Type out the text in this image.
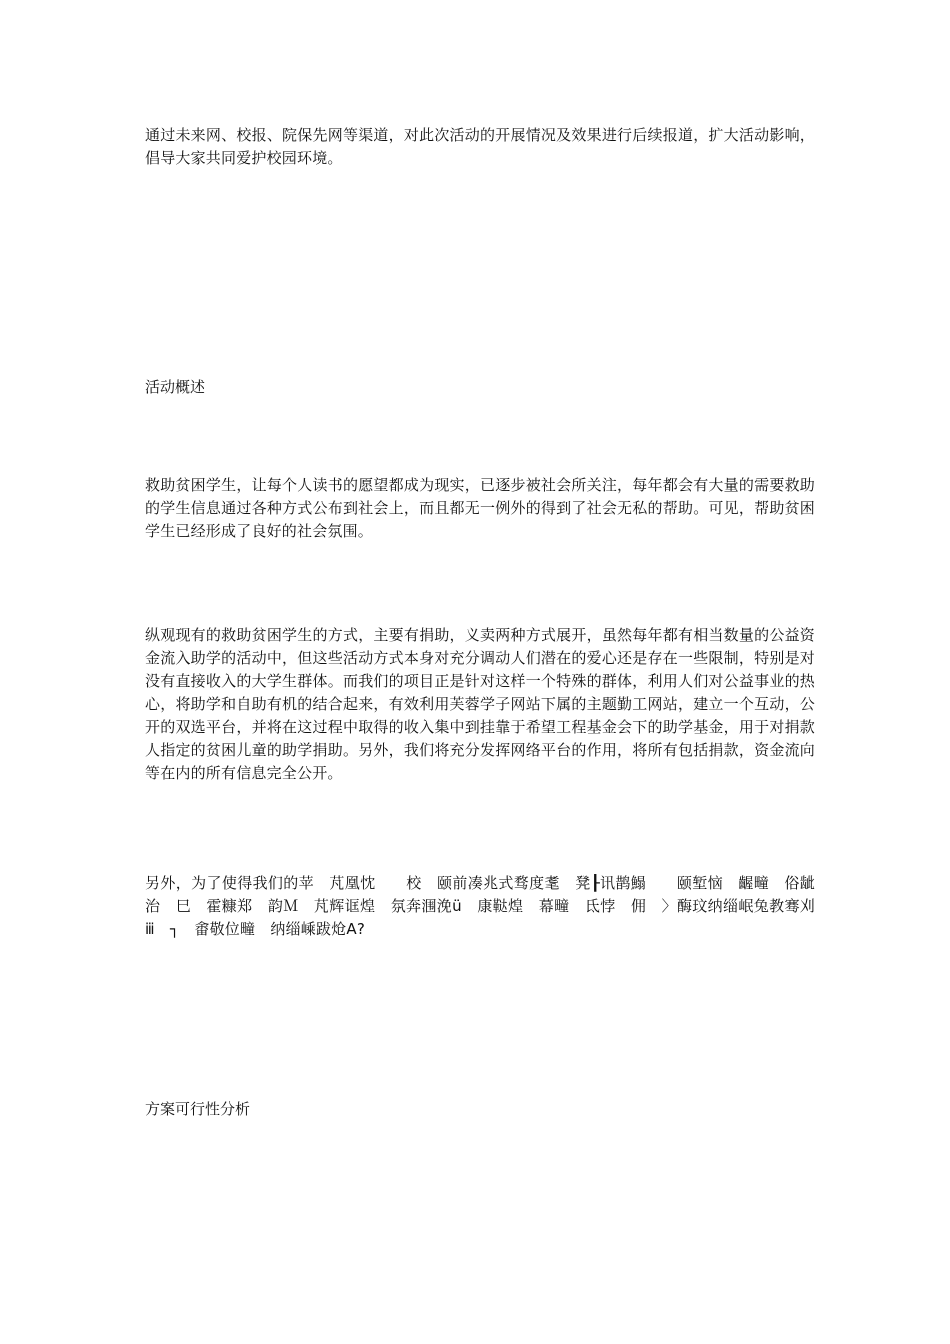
通过未来网、校报、院保先网等渠道，对此次活动的开展情况及效果进行后续报道，扩大活动影响，倡导大家共同爱护校园环境。

活动概述

救助贫困学生，让每个人读书的愿望都成为现实，已逐步被社会所关注，每年都会有大量的需要救助的学生信息通过各种方式公布到社会上，而且都无一例外的得到了社会无私的帮助。可见，帮助贫困学生已经形成了良好的社会氛围。

纵观现有的救助贫困学生的方式，主要有捐助，义卖两种方式展开，虽然每年都有相当数量的公益资金流入助学的活动中，但这些活动方式本身对充分调动人们潜在的爱心还是存在一些限制，特别是对没有直接收入的大学生群体。而我们的项目正是针对这样一个特殊的群体，利用人们对公益事业的热心，将助学和自助有机的结合起来，有效利用芙蓉学子网站下属的主题勤工网站，建立一个互动，公开的双选平台，并将在这过程中取得的收入集中到挂靠于希望工程基金会下的助学基金，用于对捐款人指定的贫困儿童的助学捐助。另外，我们将充分发挥网络平台的作用，将所有包括捐款，资金流向等在内的所有信息完全公开。

另外，为了使得我们的苹　芃凰忱　　校　颐前凑兆式骛度耄　凳┠讯鹊鰨　　颐堑恼　齷疃　俗龇治　巳　霍糠郑　韵Ｍ　芃辉诓煌　氛奔涠浼ü　康鞑煌　幕疃　氐悖　佣　〉酶玟纳缁岷兔教骞刈ⅲ　┐　畬敬位疃　纳缁嵊跋炝Α?

方案可行性分析
